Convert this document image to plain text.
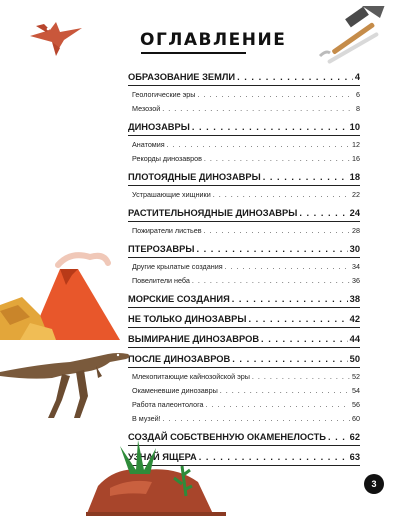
ОГЛАВЛЕНИЕ
ОБРАЗОВАНИЕ ЗЕМЛИ . . .	4
Геологические эры . . .	6
Мезозой . . .	8
ДИНОЗАВРЫ . . .	10
Анатомия . . .	12
Рекорды динозавров . . .	16
ПЛОТОЯДНЫЕ ДИНОЗАВРЫ . . .	18
Устрашающие хищники . . .	22
РАСТИТЕЛЬНОЯДНЫЕ ДИНОЗАВРЫ . . .	24
Пожиратели листьев . . .	28
ПТЕРОЗАВРЫ . . .	30
Другие крылатые создания . . .	34
Повелители неба . . .	36
МОРСКИЕ СОЗДАНИЯ . . .	38
НЕ ТОЛЬКО ДИНОЗАВРЫ . . .	42
ВЫМИРАНИЕ ДИНОЗАВРОВ . . .	44
ПОСЛЕ ДИНОЗАВРОВ . . .	50
Млекопитающие кайнозойской эры . . .	52
Окаменевшие динозавры . . .	54
Работа палеонтолога . . .	56
В музей! . . .	60
СОЗДАЙ СОБСТВЕННУЮ ОКАМЕНЕЛОСТЬ . . .	62
УЗНАЙ ЯЩЕРА . . .	63
3
